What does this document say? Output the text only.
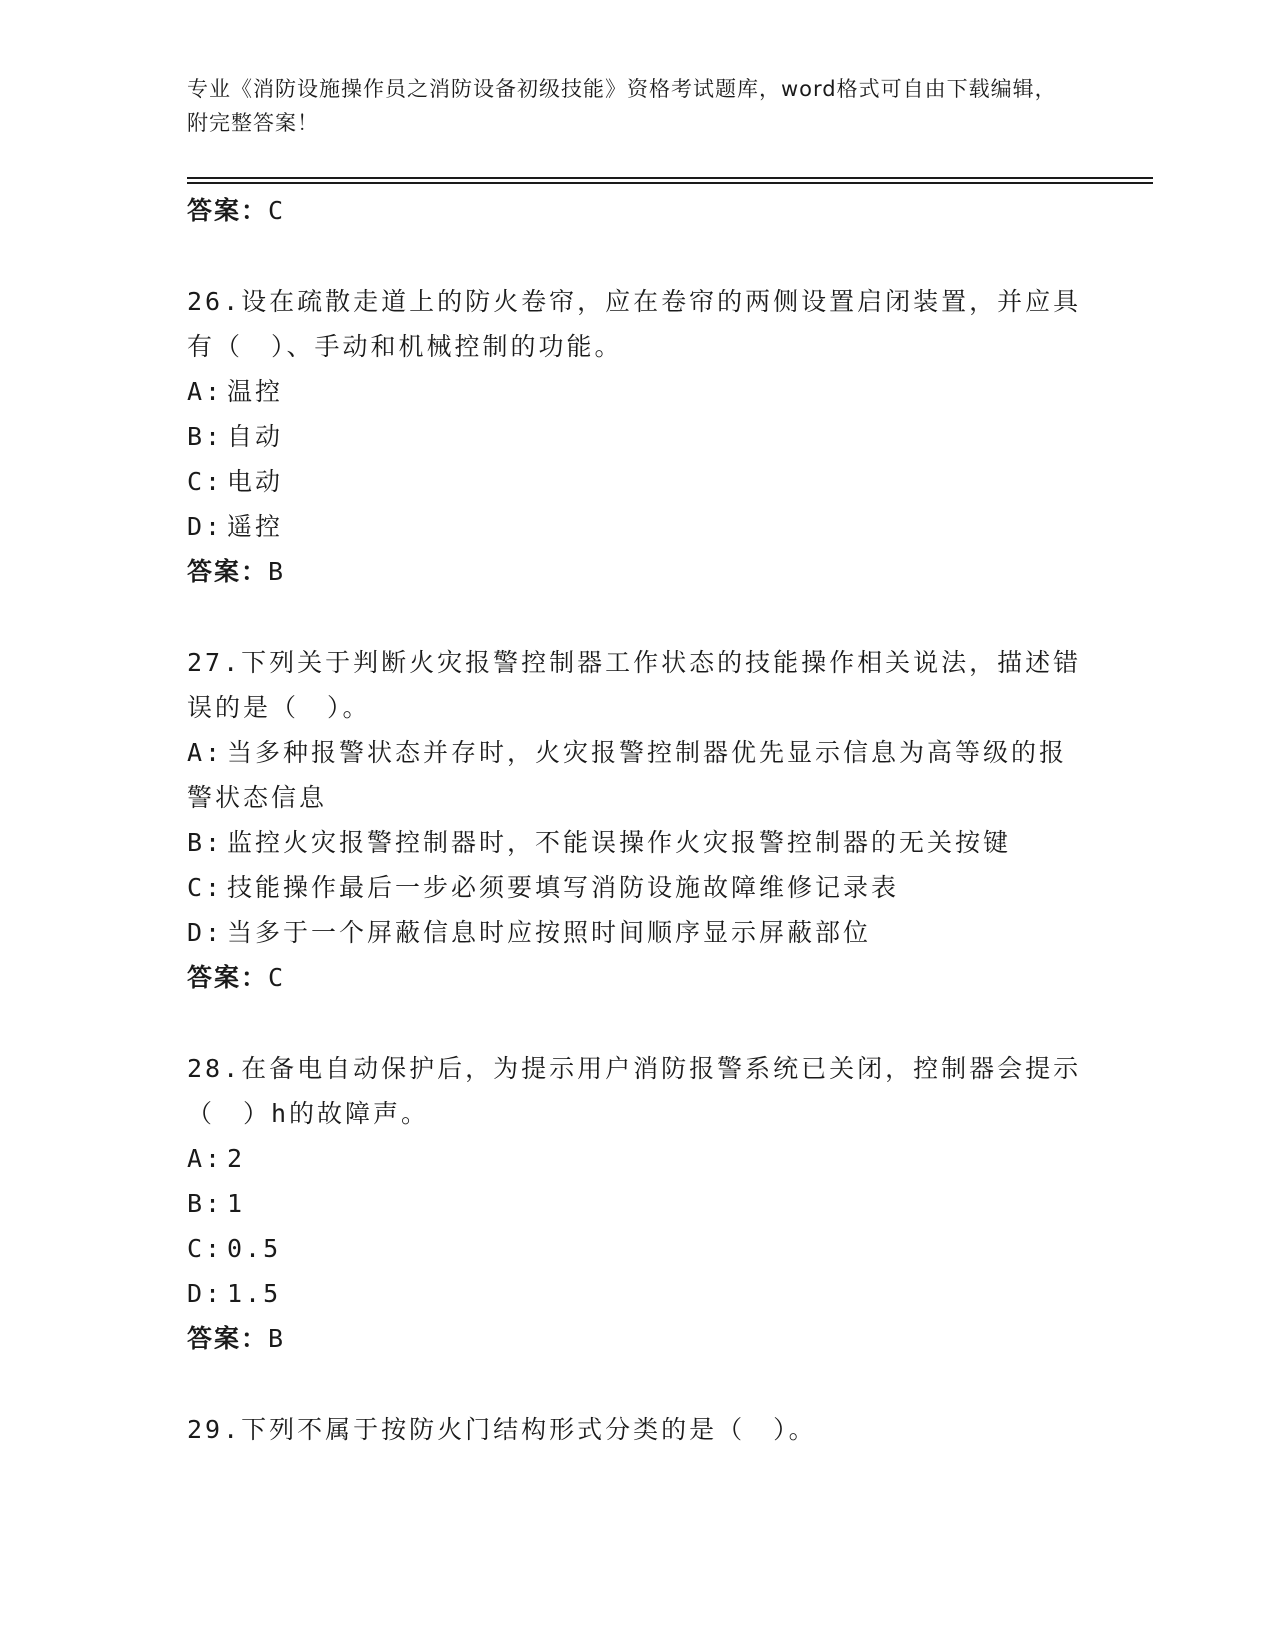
专业《消防设施操作员之消防设备初级技能》资格考试题库，word格式可自由下载编辑，附完整答案！
答案：C
26.设在疏散走道上的防火卷帘，应在卷帘的两侧设置启闭装置，并应具有（　）、手动和机械控制的功能。
A: 温控
B: 自动
C: 电动
D: 遥控
答案：B
27.下列关于判断火灾报警控制器工作状态的技能操作相关说法，描述错误的是（　）。
A: 当多种报警状态并存时，火灾报警控制器优先显示信息为高等级的报警状态信息
B: 监控火灾报警控制器时，不能误操作火灾报警控制器的无关按键
C: 技能操作最后一步必须要填写消防设施故障维修记录表
D: 当多于一个屏蔽信息时应按照时间顺序显示屏蔽部位
答案：C
28.在备电自动保护后，为提示用户消防报警系统已关闭，控制器会提示（　）h的故障声。
A: 2
B: 1
C: 0.5
D: 1.5
答案：B
29.下列不属于按防火门结构形式分类的是（　）。
